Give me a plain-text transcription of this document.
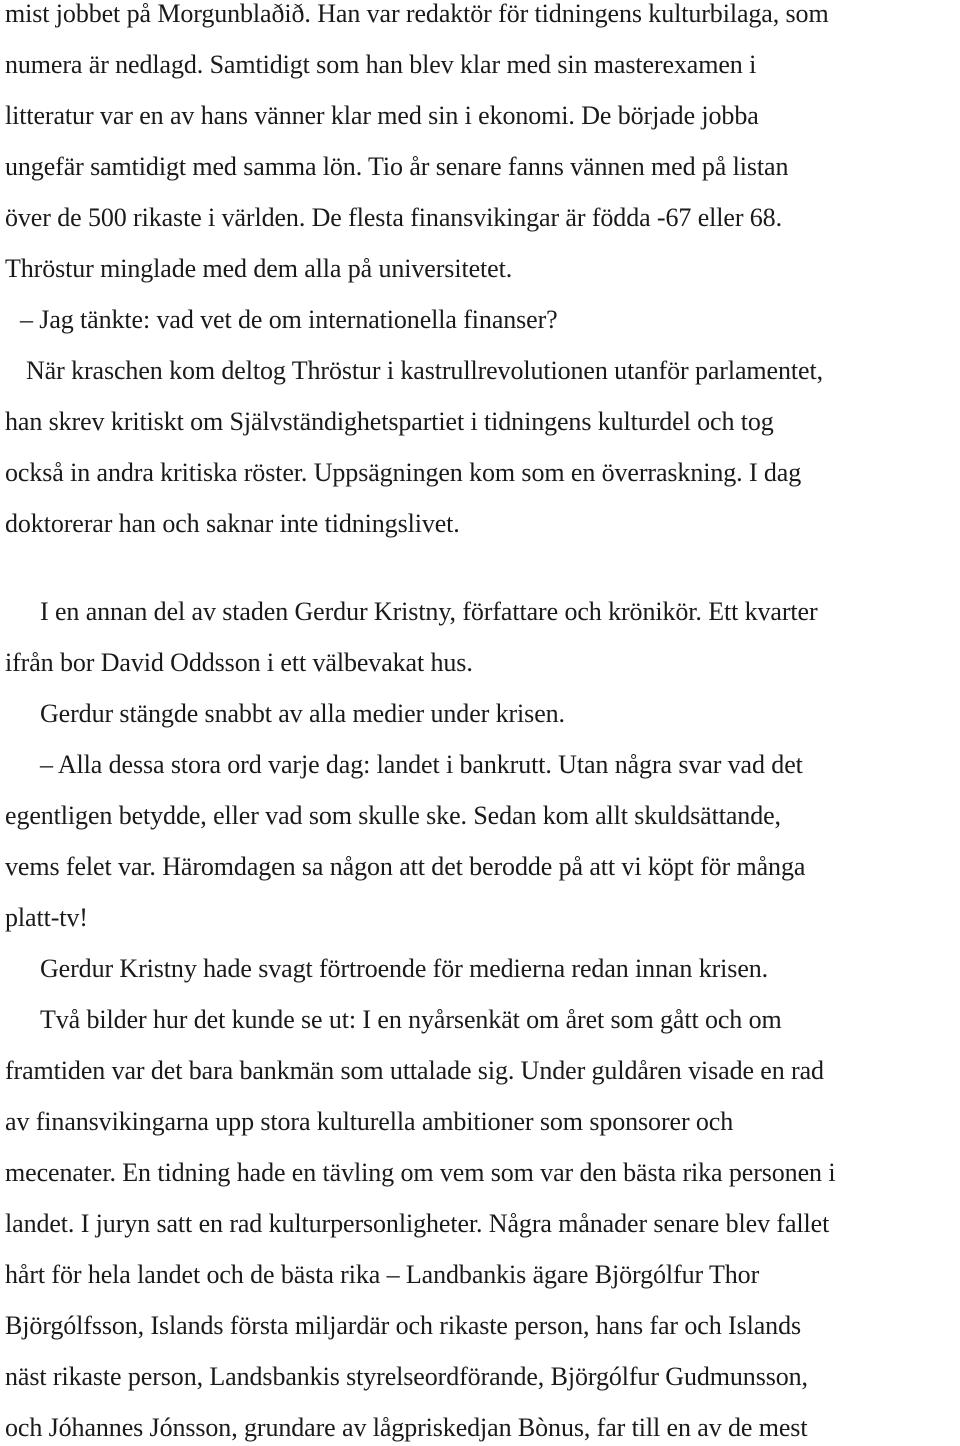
mist jobbet på Morgunblaðið. Han var redaktör för tidningens kulturbilaga, som
numera är nedlagd. Samtidigt som han blev klar med sin masterexamen i
litteratur var en av hans vänner klar med sin i ekonomi. De började jobba
ungefär samtidigt med samma lön. Tio år senare fanns vännen med på listan
över de 500 rikaste i världen. De flesta finansvikingar är födda -67 eller 68.
Thröstur minglade med dem alla på universitetet.
– Jag tänkte: vad vet de om internationella finanser?
När kraschen kom deltog Thröstur i kastrullrevolutionen utanför parlamentet,
han skrev kritiskt om Självständighetspartiet i tidningens kulturdel och tog
också in andra kritiska röster. Uppsägningen kom som en överraskning. I dag
doktorerar han och saknar inte tidningslivet.
I en annan del av staden Gerdur Kristny, författare och krönikör. Ett kvarter
ifrån bor David Oddsson i ett välbevakat hus.
Gerdur stängde snabbt av alla medier under krisen.
– Alla dessa stora ord varje dag: landet i bankrutt. Utan några svar vad det
egentligen betydde, eller vad som skulle ske. Sedan kom allt skuldsättande,
vems felet var. Häromdagen sa någon att det berodde på att vi köpt för många
platt-tv!
Gerdur Kristny hade svagt förtroende för medierna redan innan krisen.
Två bilder hur det kunde se ut: I en nyårsenkät om året som gått och om
framtiden var det bara bankmän som uttalade sig. Under guldåren visade en rad
av finansvikingarna upp stora kulturella ambitioner som sponsorer och
mecenater. En tidning hade en tävling om vem som var den bästa rika personen i
landet. I juryn satt en rad kulturpersonligheter. Några månader senare blev fallet
hårt för hela landet och de bästa rika – Landbankis ägare Björgólfur Thor
Björgólfsson, Islands första miljardär och rikaste person, hans far och Islands
näst rikaste person, Landsbankis styrelseordförande, Björgólfur Gudmunsson,
och Jóhannes Jónsson, grundare av lågpriskedjan Bònus, far till en av de mest
